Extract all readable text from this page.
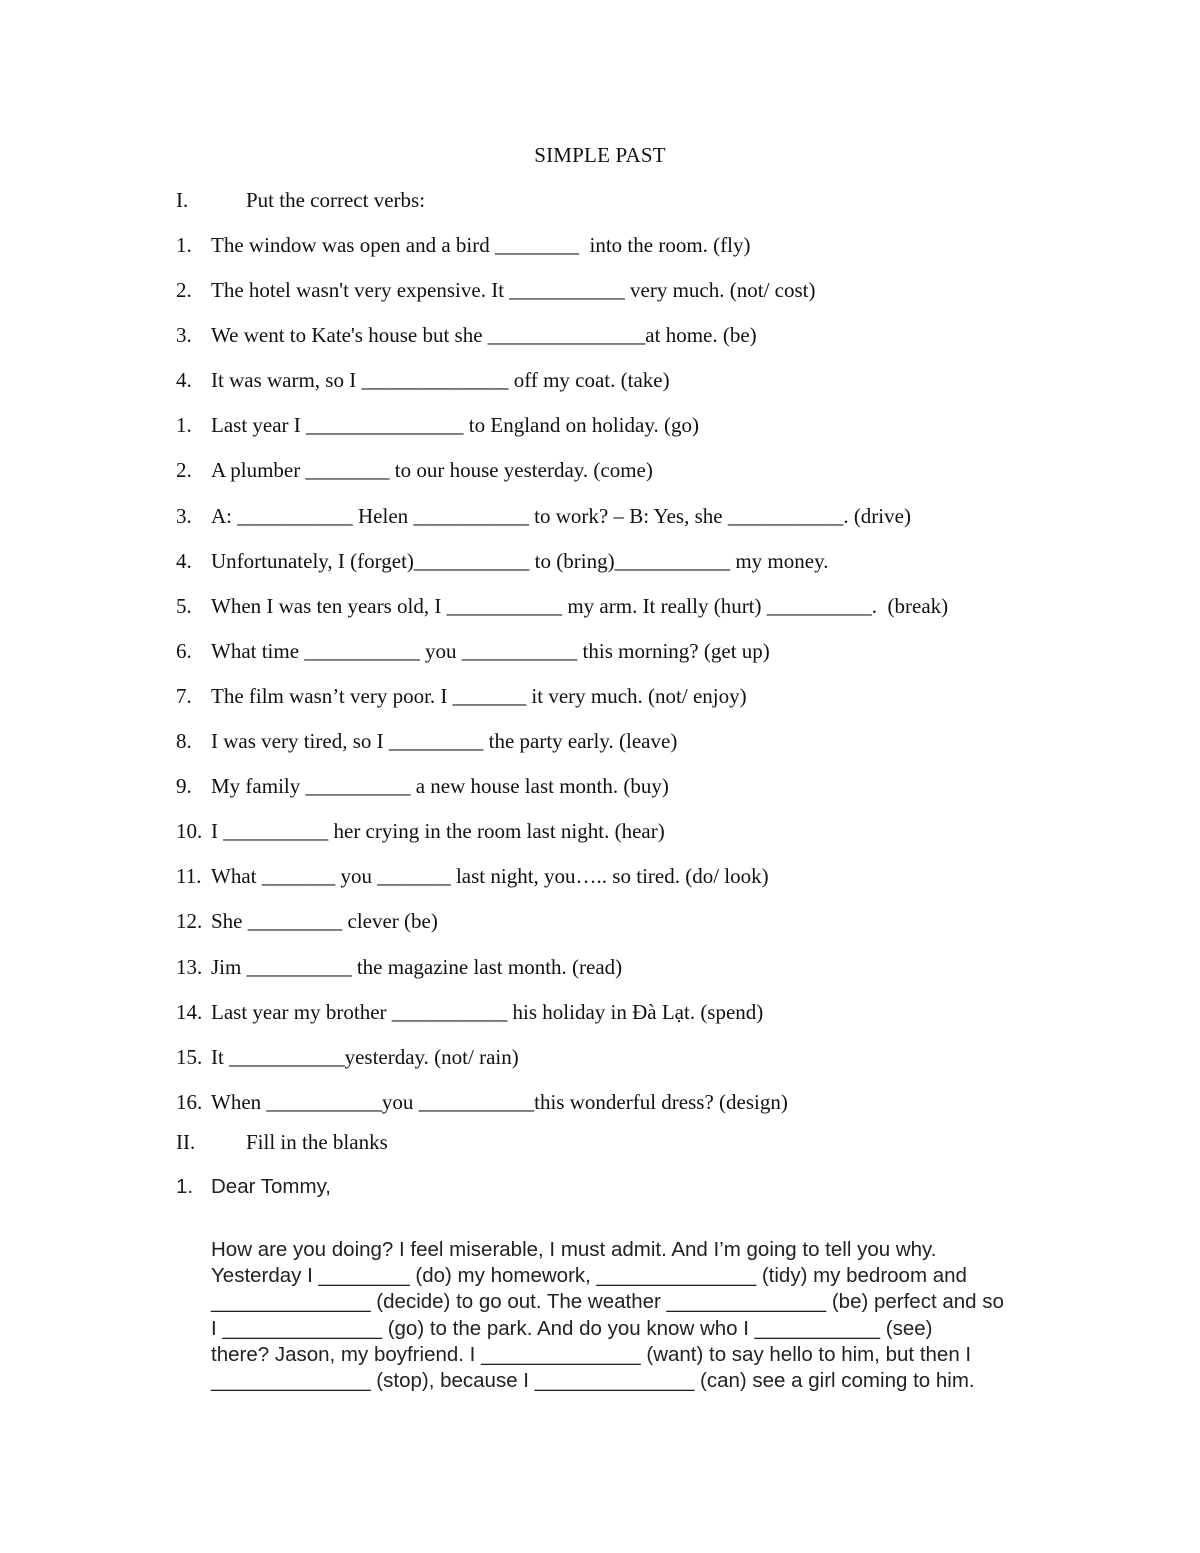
SIMPLE PAST
I.	Put the correct verbs:
1. The window was open and a bird ________  into the room. (fly)
2. The hotel wasn't very expensive. It ___________ very much. (not/ cost)
3. We went to Kate's house but she _______________at home. (be)
4. It was warm, so I ______________ off my coat. (take)
1. Last year I _______________ to England on holiday. (go)
2. A plumber ________ to our house yesterday. (come)
3. A: ___________ Helen ___________ to work? – B: Yes, she ___________. (drive)
4. Unfortunately, I (forget)___________ to (bring)___________ my money.
5. When I was ten years old, I ___________ my arm. It really (hurt) __________.  (break)
6. What time ___________ you ___________ this morning? (get up)
7. The film wasn’t very poor. I _______ it very much. (not/ enjoy)
8. I was very tired, so I _________ the party early. (leave)
9. My family __________ a new house last month. (buy)
10. I __________ her crying in the room last night. (hear)
11. What _______ you _______ last night, you….. so tired. (do/ look)
12. She _________ clever (be)
13. Jim __________ the magazine last month. (read)
14. Last year my brother ___________ his holiday in Đà Lạt. (spend)
15. It ___________yesterday. (not/ rain)
16. When ___________you ___________this wonderful dress? (design)
II.	Fill in the blanks
1. Dear Tommy,
How are you doing? I feel miserable, I must admit. And I’m going to tell you why.
Yesterday I ________ (do) my homework, ______________ (tidy) my bedroom and
______________ (decide) to go out. The weather ______________ (be) perfect and so
I ______________ (go) to the park. And do you know who I ___________ (see)
there? Jason, my boyfriend. I ______________ (want) to say hello to him, but then I
______________ (stop), because I ______________ (can) see a girl coming to him.
